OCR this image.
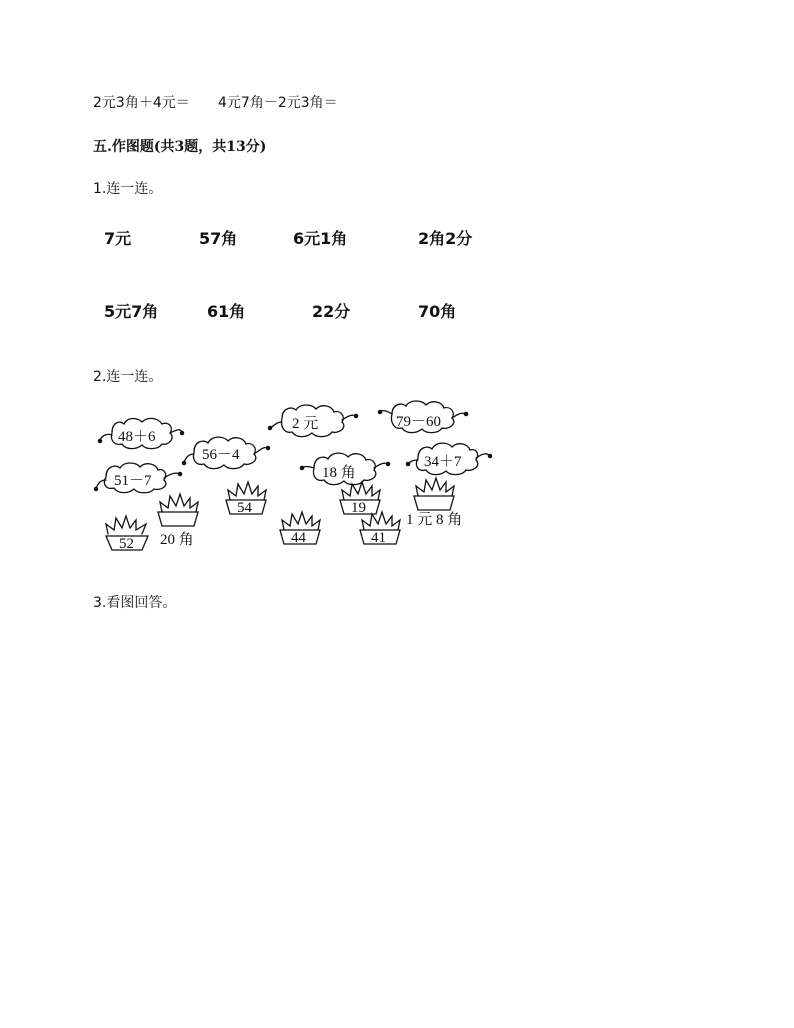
2元3角＋4元＝ 4元7角－2元3角＝
五.作图题(共3题，共13分)
1.连一连。
7元	57角	6元1角	2角2分
5元7角	61角	22分	70角
2.连一连。
48＋6
56－4
51－7
2 元	79－60
18 角
34＋7
52
54
44
19
41
20 角
1 元 8 角
3.看图回答。
